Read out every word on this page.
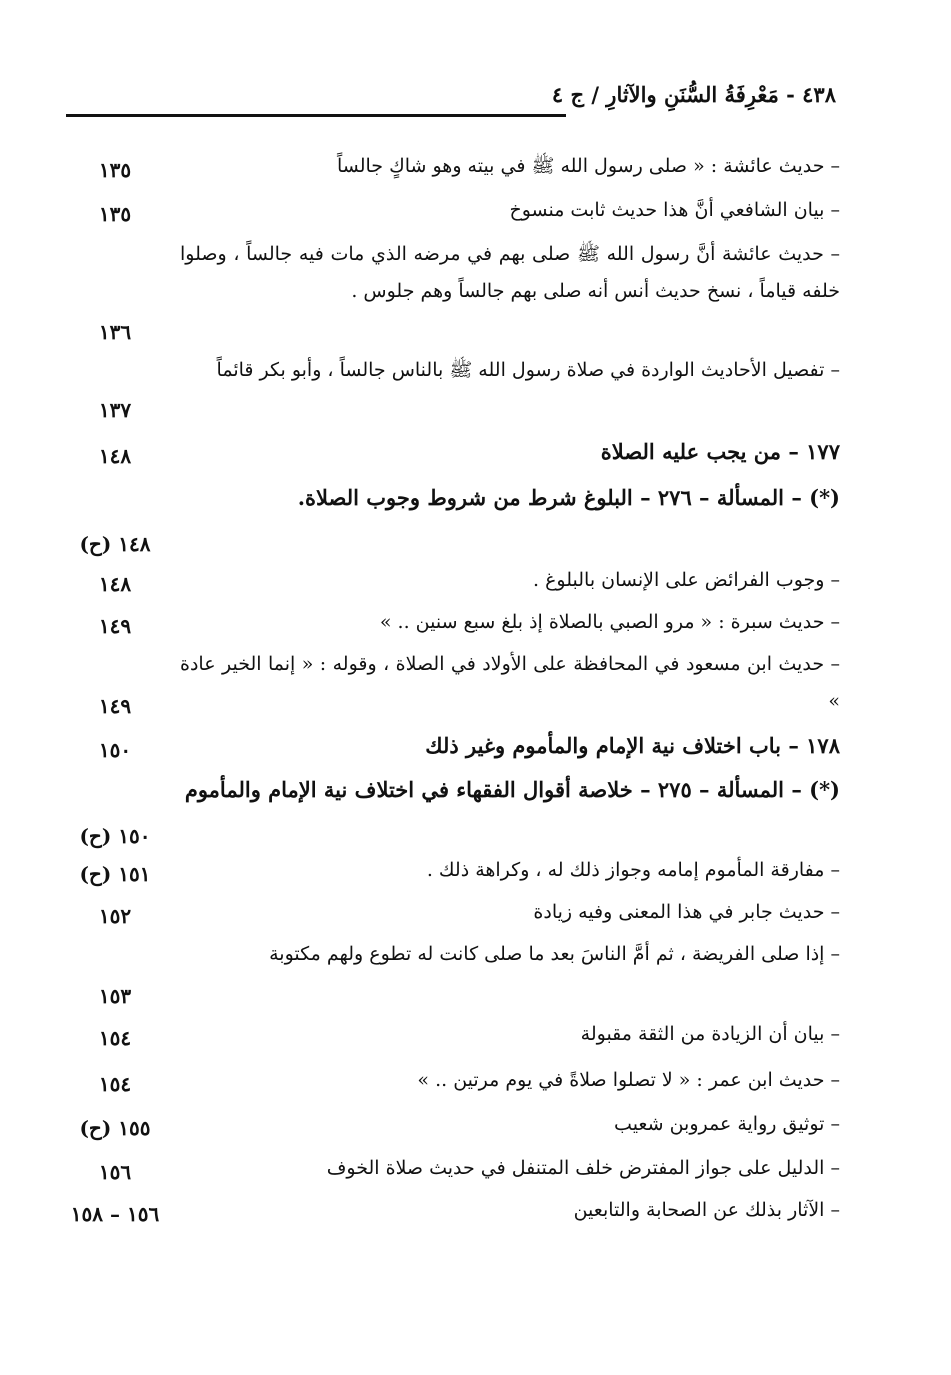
٤٣٨ - مَعْرِفَةُ السُّنَنِ والآثارِ / ج ٤
– حديث عائشة : « صلى رسول الله ﷺ في بيته وهو شاكٍ جالساً
١٣٥
– بيان الشافعي أنَّ هذا حديث ثابت منسوخ
١٣٥
– حديث عائشة أنَّ رسول الله ﷺ صلى بهم في مرضه الذي مات فيه جالساً ، وصلوا خلفه قياماً ، نسخ حديث أنس أنه صلى بهم جالساً وهم جلوس .
١٣٦
– تفصيل الأحاديث الواردة في صلاة رسول الله ﷺ بالناس جالساً ، وأبو بكر قائماً
١٣٧
١٧٧ – من يجب عليه الصلاة
١٤٨
(*) – المسألة – ٢٧٦ – البلوغ شرط من شروط وجوب الصلاة.
١٤٨ (ح)
– وجوب الفرائض على الإنسان بالبلوغ .
١٤٨
– حديث سبرة : « مرو الصبي بالصلاة إذ بلغ سبع سنين .. »
١٤٩
– حديث ابن مسعود في المحافظة على الأولاد في الصلاة ، وقوله : « إنما الخير عادة »
١٤٩
١٧٨ – باب اختلاف نية الإمام والمأموم وغير ذلك
١٥٠
(*) – المسألة – ٢٧٥ – خلاصة أقوال الفقهاء في اختلاف نية الإمام والمأموم
١٥٠ (ح)
– مفارقة المأموم إمامه وجواز ذلك له ، وكراهة ذلك .
١٥١ (ح)
– حديث جابر في هذا المعنى وفيه زيادة
١٥٢
– إذا صلى الفريضة ، ثم أمَّ الناسَ بعد ما صلى كانت له تطوع ولهم مكتوبة
١٥٣
– بيان أن الزيادة من الثقة مقبولة
١٥٤
– حديث ابن عمر : « لا تصلوا صلاةً في يوم مرتين .. »
١٥٤
– توثيق رواية عمروبن شعيب
١٥٥ (ح)
– الدليل على جواز المفترض خلف المتنفل في حديث صلاة الخوف
١٥٦
– الآثار بذلك عن الصحابة والتابعين
١٥٦ – ١٥٨
